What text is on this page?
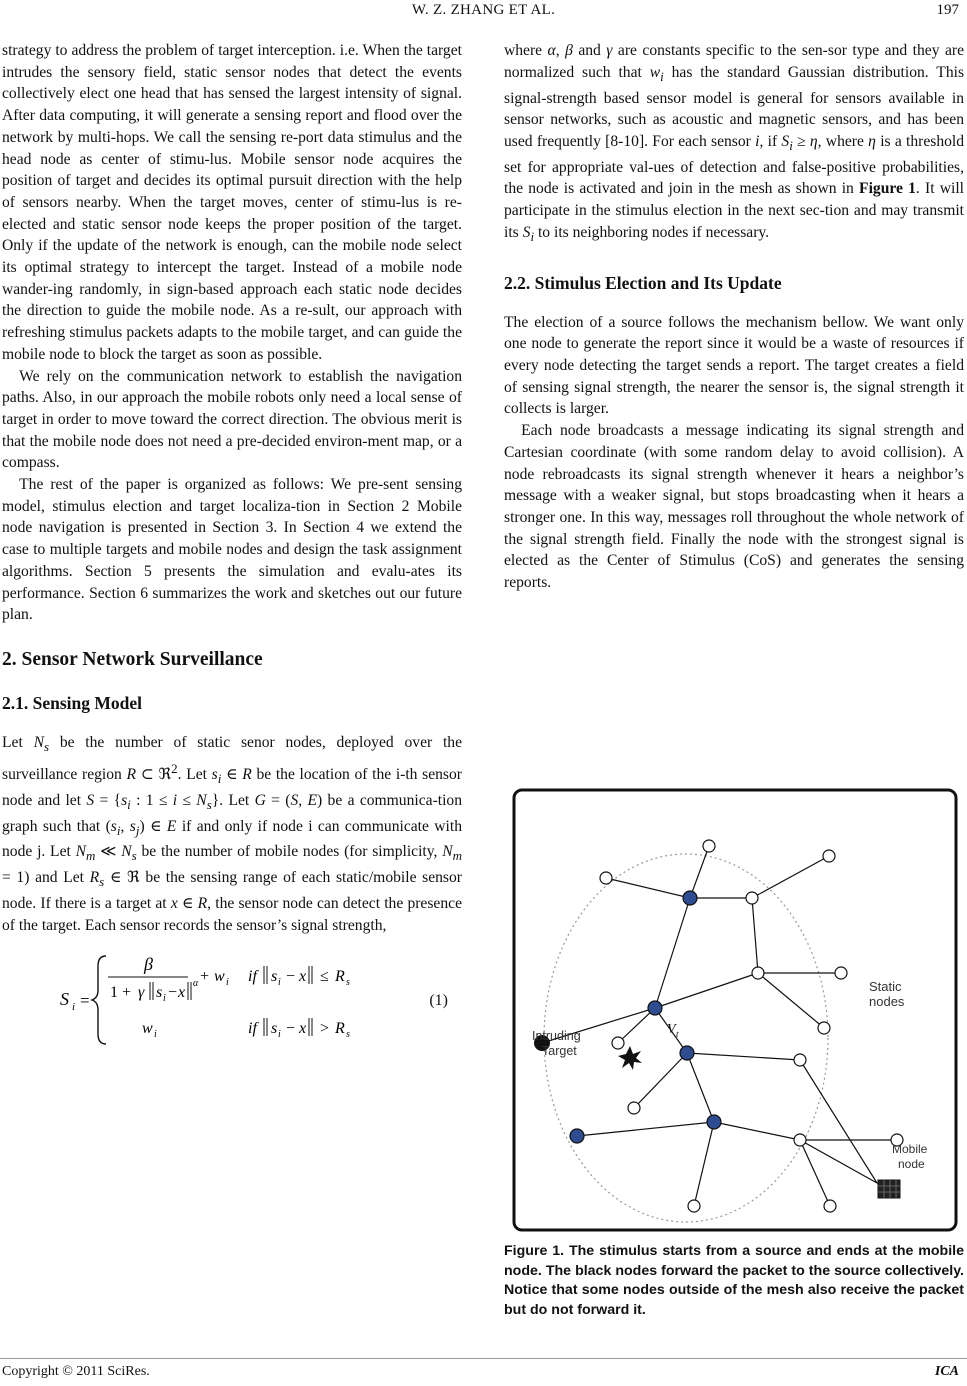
W. Z. ZHANG ET AL.	197

strategy to address the problem of target interception. i.e. When the target intrudes the sensory field, static sensor nodes that detect the events collectively elect one head that has sensed the largest intensity of signal. After data computing, it will generate a sensing report and flood over the network by multi-hops. We call the sensing re-port data stimulus and the head node as center of stimu-lus. Mobile sensor node acquires the position of target and decides its optimal pursuit direction with the help of sensors nearby. When the target moves, center of stimu-lus is re-elected and static sensor node keeps the proper position of the target. Only if the update of the network is enough, can the mobile node select its optimal strategy to intercept the target. Instead of a mobile node wander-ing randomly, in sign-based approach each static node decides the direction to guide the mobile node. As a re-sult, our approach with refreshing stimulus packets adapts to the mobile target, and can guide the mobile node to block the target as soon as possible.

We rely on the communication network to establish the navigation paths. Also, in our approach the mobile robots only need a local sense of target in order to move toward the correct direction. The obvious merit is that the mobile node does not need a pre-decided environ-ment map, or a compass.

The rest of the paper is organized as follows: We pre-sent sensing model, stimulus election and target localiza-tion in Section 2 Mobile node navigation is presented in Section 3. In Section 4 we extend the case to multiple targets and mobile nodes and design the task assignment algorithms. Section 5 presents the simulation and evalu-ates its performance. Section 6 summarizes the work and sketches out our future plan.

2. Sensor Network Surveillance
2.1. Sensing Model

Let $N_s$ be the number of static senor nodes, deployed over the surveillance region R ⊂ ℜ$^2$. Let $s_i$ ∈ R be the location of the i-th sensor node and let $S = \{s_i$ : $1 \le i \le N_s$}. Let G = (S, E) be a communica-tion graph such that ($s_i$, $s_j$) ∈ E if and only if node i can communicate with node j. Let $N_m$ ≪ $N_s$ be the number of mobile nodes (for simplicity, $N_m = 1$) and Let $R_s$ ∈ ℜ be the sensing range of each static/mobile sensor node. If there is a target at x ∈ R, the sensor node can detect the presence of the target. Each sensor records the sensor’s signal strength,

S i =
β
1 + γ s i − x
α + w i if s i − x ≤ R s
w i	if s i − x > R s
(1)

where α, β and γ are constants specific to the sen-sor type and they are normalized such that $w_i$ has the standard Gaussian distribution. This signal-strength based sensor model is general for sensors available in sensor networks, such as acoustic and magnetic sensors, and has been used frequently [8-10]. For each sensor i, if $S_i \ge \eta$, where η is a threshold set for appropriate val-ues of detection and false-positive probabilities, the node is activated and join in the mesh as shown in Figure 1. It will participate in the stimulus election in the next sec-tion and may transmit its $S_i$ to its neighboring nodes if necessary.

2.2. Stimulus Election and Its Update

The election of a source follows the mechanism bellow. We want only one node to generate the report since it would be a waste of resources if every node detecting the target sends a report. The target creates a field of sensing signal strength, the nearer the sensor is, the signal strength it collects is larger.

Each node broadcasts a message indicating its signal strength and Cartesian coordinate (with some random delay to avoid collision). A node rebroadcasts its signal strength whenever it hears a neighbor’s message with a weaker signal, but stops broadcasting when it hears a stronger one. In this way, messages roll throughout the whole network of the signal strength field. Finally the node with the strongest signal is elected as the Center of Stimulus (CoS) and generates the sensing reports.

Intruding
Target
V t
Static
nodes
Mobile
node
Figure 1. The stimulus starts from a source and ends at the mobile node. The black nodes forward the packet to the source collectively. Notice that some nodes outside of the mesh also receive the packet but do not forward it.
Copyright © 2011 SciRes.	ICA
